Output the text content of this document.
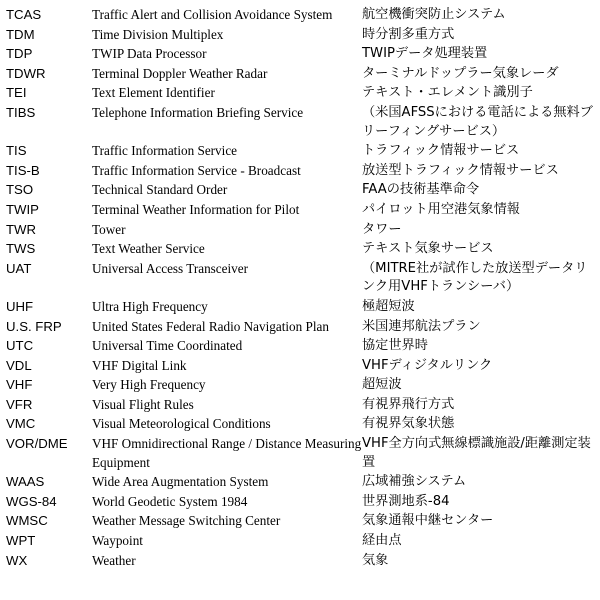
TCAS	Traffic Alert and Collision Avoidance System	航空機衝突防止システム
TDM	Time Division Multiplex	時分割多重方式
TDP	TWIP Data Processor	TWIPデータ処理装置
TDWR	Terminal Doppler Weather Radar	ターミナルドップラー気象レーダ
TEI	Text Element Identifier	テキスト・エレメント識別子
TIBS	Telephone Information Briefing Service	（米国AFSSにおける電話による無料ブリーフィングサービス）
TIS	Traffic Information Service	トラフィック情報サービス
TIS-B	Traffic Information Service - Broadcast	放送型トラフィック情報サービス
TSO	Technical Standard Order	FAAの技術基準命令
TWIP	Terminal Weather Information for Pilot	パイロット用空港気象情報
TWR	Tower	タワー
TWS	Text Weather Service	テキスト気象サービス
UAT	Universal Access Transceiver	（MITRE社が試作した放送型データリンク用VHFトランシーバ）
UHF	Ultra High Frequency	極超短波
U.S. FRP	United States Federal Radio Navigation Plan	米国連邦航法プラン
UTC	Universal Time Coordinated	協定世界時
VDL	VHF Digital Link	VHFディジタルリンク
VHF	Very High Frequency	超短波
VFR	Visual Flight Rules	有視界飛行方式
VMC	Visual Meteorological Conditions	有視界気象状態
VOR/DME	VHF Omnidirectional Range / Distance Measuring Equipment	VHF全方向式無線標識施設/距離測定装置
WAAS	Wide Area Augmentation System	広域補強システム
WGS-84	World Geodetic System 1984	世界測地系-84
WMSC	Weather Message Switching Center	気象通報中継センター
WPT	Waypoint	経由点
WX	Weather	気象
